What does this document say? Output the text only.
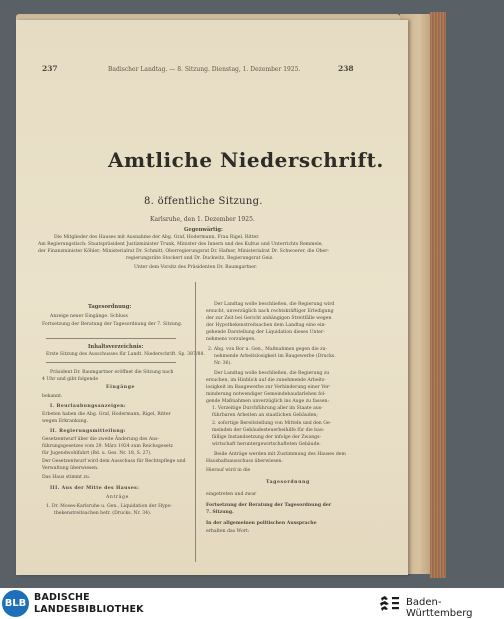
237	Badischer Landtag. — 8. Sitzung. Dienstag, 1. Dezember 1925.	238
Amtliche Niederschrift.
8. öffentliche Sitzung.
Karlsruhe, den 1. Dezember 1925.
Gegenwärtig:
Die Mitglieder des Hauses mit Ausnahme der Abg. Graf, Hodermann, Frau Rigel, Ritter.
Am Regierungstisch: Staatspräsident Justizminister Trunk, Minister des Innern und des Kultus und Unterrichts Remmele,
der Finanzminister Köhler; Ministerialrat Dr. Schmitt, Oberregierungsrat Dr. Hafner, Ministerialrat Dr. Schwoerer, die Ober-
regierungsräte Stockert und Dr. Duckwitz, Regierungsrat Geiz.
Unter dem Vorsitz des Präsidenten Dr. Baumgartner.
Tagesordnung:
Anzeige neuer Eingänge. Schluss
Fortsetzung der Beratung der Tagesordnung der 7. Sitzung.
Inhaltsverzeichnis:
Erste Sitzung des Ausschusses für Landt. Niederschrift. Sp. 387/88.
Präsident Dr. Baumgartner eröffnet die Sitzung nach
4 Uhr und gibt folgende
Eingänge
bekannt.
I. Beurlaubungsanzeigen:
Erbeten haben die Abg. Graf, Hodermann, Rigel, Ritter
wegen Erkrankung.
II. Regierungsmitteilung:
Gesetzentwurf über die zweite Änderung des Aus-
führungsgesetzes vom 29. März 1924 zum Reichsgesetz
für Jugendwohlfahrt (Bd. u. Ges. Nr. 18, S. 27).
Der Gesetzentwurf wird dem Ausschuss für Rechtspflege und
Verwaltung überwiesen.
Das Haus stimmt zu.
III. Aus der Mitte des Hauses:
Anträge
1. Dr. Moses-Karlsruhe u. Gen., Liquidation der Hypo-
thekenstreitsachen betr. (Drucks. Nr. 34).
Der Landtag wolle beschließen, die Regierung wird
ersucht, unverzüglich nach rechtskräftiger Erledigung
der zur Zeit bei Gericht anhängigen Streitfälle wegen
der Hypothekenstreitsachen dem Landtag eine ein-
gehende Darstellung der Liquidation dieses Unter-
nehmens vorzulegen.
2. Abg. von Bor u. Gen., Maßnahmen gegen die zu-
nehmende Arbeitslosigkeit im Baugewerbe (Drucks.
Nr. 36).
Der Landtag wolle beschließen, die Regierung zu
ersuchen, im Hinblick auf die zunehmende Arbeits-
losigkeit im Baugewerbe zur Verhinderung einer Ver-
minderung notwendiger Gemeindebaudarlehen fol-
gende Maßnahmen unverzüglich ins Auge zu fassen:
1. Vorzeitige Durchführung aller im Staate aus-
führbaren Arbeiten an staatlichen Gebäuden;
2. sofortige Bereitstellung von Mitteln und den Ge-
meinden der Gebäudesteuerbeihilfe für die bau-
fällige Instandsetzung der infolge der Zwangs-
wirtschaft heruntergewirtschafteten Gebäude.
Beide Anträge werden mit Zustimmung des Hauses dem
Haushaltsausschuss überwiesen.
Hierauf wird in die
Tagesordnung
eingetreten und zwar
Fortsetzung der Beratung der Tagesordnung der
7. Sitzung.
In der allgemeinen politischen Aussprache
erhalten das Wort:
BLB
BADISCHE
LANDESBIBLIOTHEK
Baden-Württemberg
